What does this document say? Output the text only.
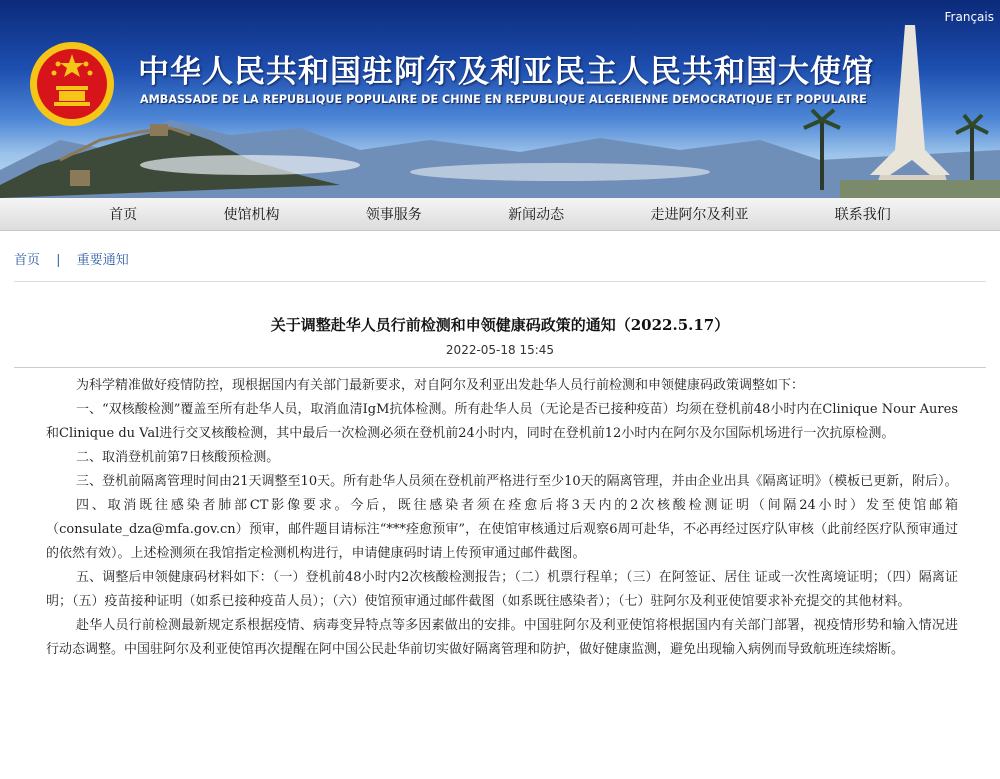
中华人民共和国驻阿尔及利亚民主人民共和国大使馆
AMBASSADE DE LA REPUBLIQUE POPULAIRE DE CHINE EN REPUBLIQUE ALGERIENNE DEMOCRATIQUE ET POPULAIRE
Français
首页	使馆机构	领事服务	新闻动态	走进阿尔及利亚	联系我们
首页 | 重要通知
关于调整赴华人员行前检测和申领健康码政策的通知（2022.5.17）
2022-05-18 15:45

为科学精准做好疫情防控，现根据国内有关部门最新要求，对自阿尔及利亚出发赴华人员行前检测和申领健康码政策调整如下：

一、“双核酸检测”覆盖至所有赴华人员，取消血清IgM抗体检测。所有赴华人员（无论是否已接种疫苗）均须在登机前48小时内在Clinique Nour Aures和Clinique du Val进行交叉核酸检测，其中最后一次检测必须在登机前24小时内，同时在登机前12小时内在阿尔及尔国际机场进行一次抗原检测。

二、取消登机前第7日核酸预检测。

三、登机前隔离管理时间由21天调整至10天。所有赴华人员须在登机前严格进行至少10天的隔离管理，并由企业出具《隔离证明》（模板已更新，附后）。

四、取消既往感染者肺部CT影像要求。今后，既往感染者须在痊愈后将3天内的2次核酸检测证明（间隔24小时）发至使馆邮箱（consulate_dza@mfa.gov.cn）预审，邮件题目请标注“***痊愈预审”，在使馆审核通过后观察6周可赴华，不必再经过医疗队审核（此前经医疗队预审通过的依然有效）。上述检测须在我馆指定检测机构进行，申请健康码时请上传预审通过邮件截图。

五、调整后申领健康码材料如下：（一）登机前48小时内2次核酸检测报告；（二）机票行程单；（三）在阿签证、居住 证或一次性离境证明；（四）隔离证明；（五）疫苗接种证明（如系已接种疫苗人员）；（六）使馆预审通过邮件截图（如系既往感染者）；（七）驻阿尔及利亚使馆要求补充提交的其他材料。

赴华人员行前检测最新规定系根据疫情、病毒变异特点等多因素做出的安排。中国驻阿尔及利亚使馆将根据国内有关部门部署，视疫情形势和输入情况进行动态调整。中国驻阿尔及利亚使馆再次提醒在阿中国公民赴华前切实做好隔离管理和防护，做好健康监测，避免出现输入病例而导致航班连续熔断。
